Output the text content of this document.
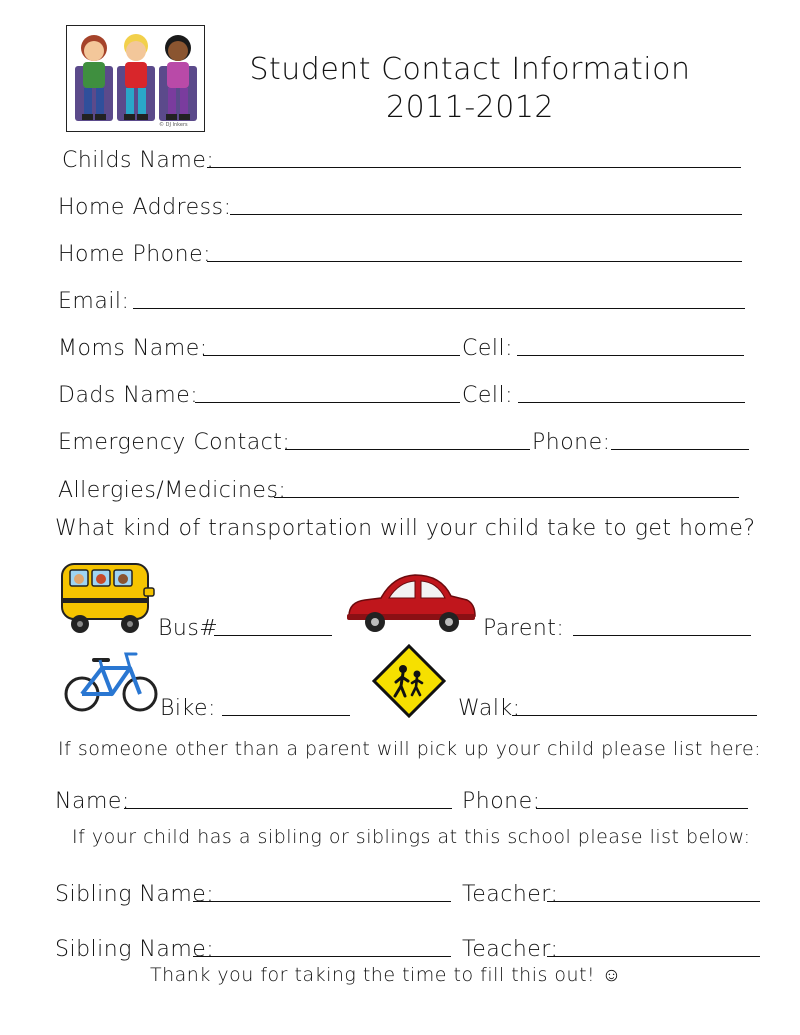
© DJ Inkers
Student Contact Information
2011-2012
Childs Name:
Home Address:
Home Phone:
Email:
Moms Name:	Cell:
Dads Name:	Cell:
Emergency Contact:	Phone:
Allergies/Medicines:
What kind of transportation will your child take to get home?
Bus#	Parent:
Bike:	Walk:
If someone other than a parent will pick up your child please list here:
Name:	Phone:
If your child has a sibling or siblings at this school please list below:
Sibling Name:	Teacher:
Sibling Name:	Teacher:
Thank you for taking the time to fill this out! ☺
